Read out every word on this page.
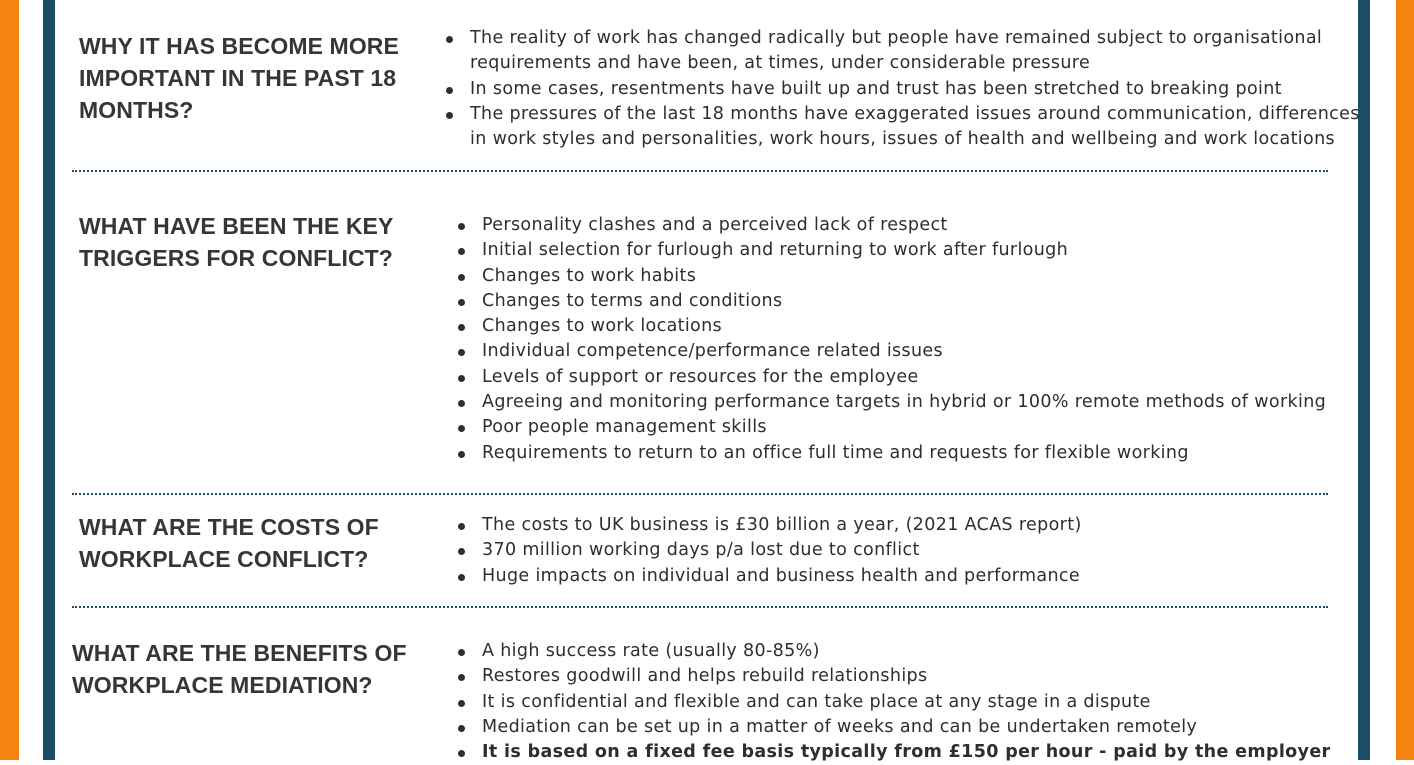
WHY IT HAS BECOME MORE IMPORTANT IN THE PAST 18 MONTHS?
The reality of work has changed radically but people have remained subject to organisational requirements and have been, at times, under considerable pressure
In some cases, resentments have built up and trust has been stretched to breaking point
The pressures of the last 18 months have exaggerated issues around communication, differences in work styles and personalities, work hours, issues of health and wellbeing and work locations
WHAT HAVE BEEN THE KEY TRIGGERS FOR CONFLICT?
Personality clashes and a perceived lack of respect
Initial selection for furlough and returning to work after furlough
Changes to work habits
Changes to terms and conditions
Changes to work locations
Individual competence/performance related issues
Levels of support or resources for the employee
Agreeing and monitoring performance targets in hybrid or 100% remote methods of working
Poor people management skills
Requirements to return to an office full time and requests for flexible working
WHAT ARE THE COSTS OF WORKPLACE CONFLICT?
The costs to UK business is £30 billion a year, (2021 ACAS report)
370 million working days p/a lost due to conflict
Huge impacts on individual and business health and performance
WHAT ARE THE BENEFITS OF WORKPLACE MEDIATION?
A high success rate (usually 80-85%)
Restores goodwill and helps rebuild relationships
It is confidential and flexible and can take place at any stage in a dispute
Mediation can be set up in a matter of weeks and can be undertaken remotely
It is based on a fixed fee basis typically from £150 per hour - paid by the employer
